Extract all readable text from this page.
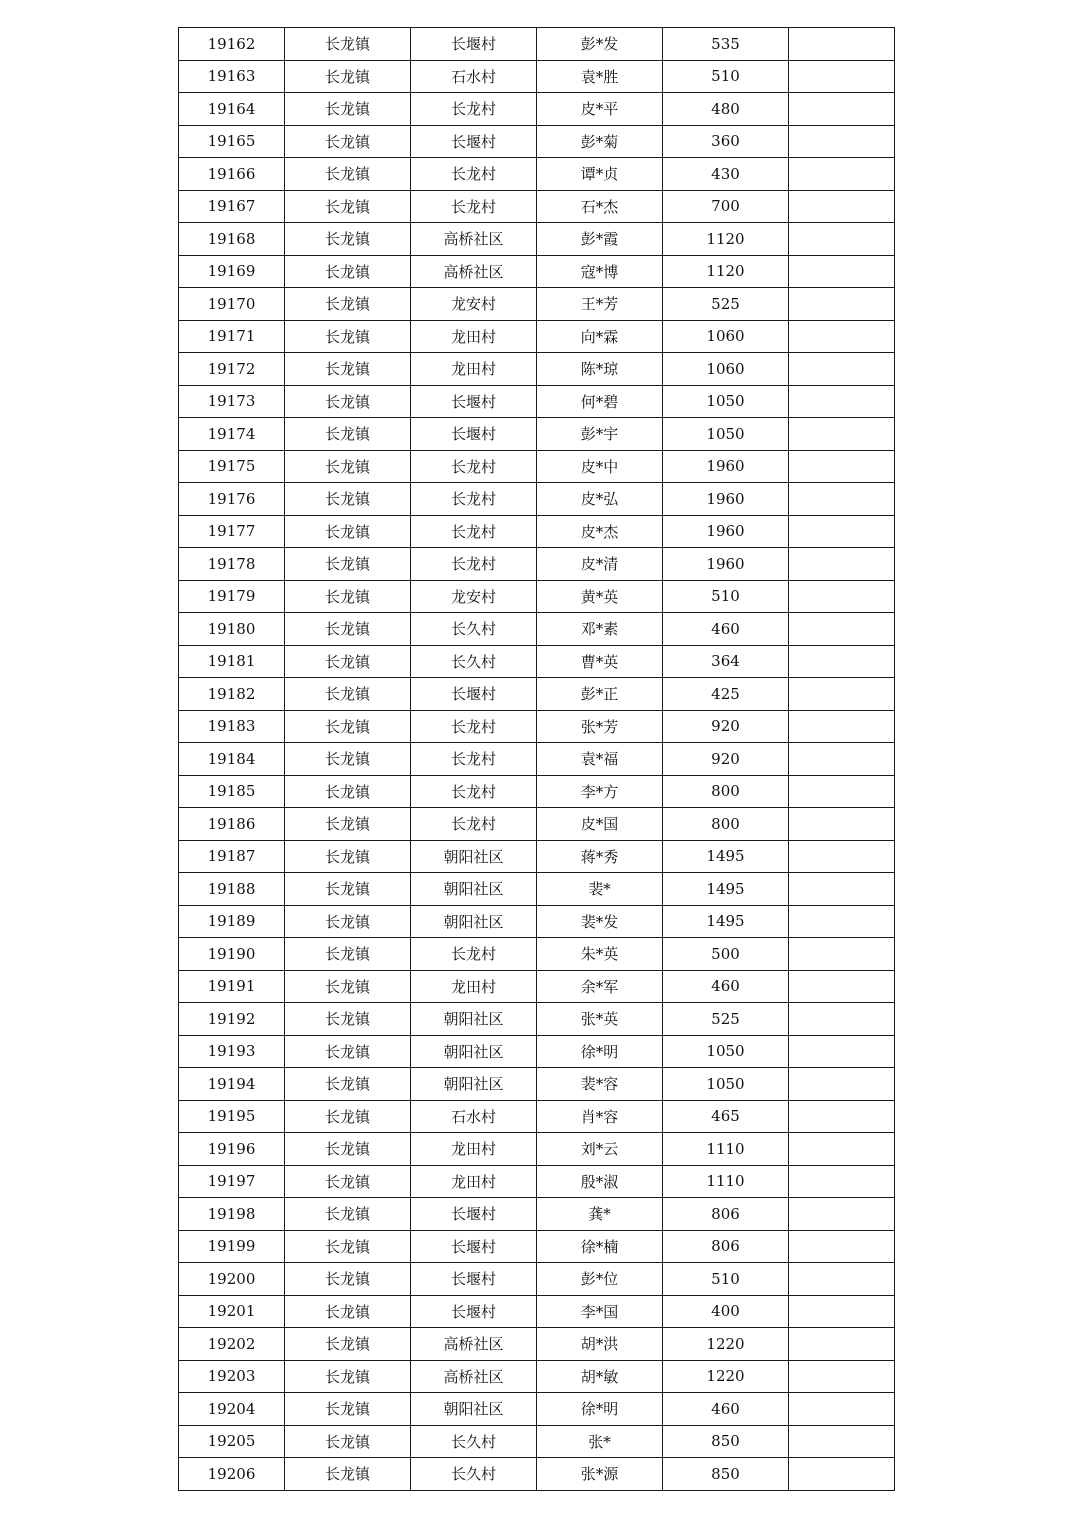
19162	长龙镇	长堰村	彭*发	535	
19163	长龙镇	石水村	袁*胜	510	
19164	长龙镇	长龙村	皮*平	480	
19165	长龙镇	长堰村	彭*菊	360	
19166	长龙镇	长龙村	谭*贞	430	
19167	长龙镇	长龙村	石*杰	700	
19168	长龙镇	高桥社区	彭*霞	1120	
19169	长龙镇	高桥社区	寇*博	1120	
19170	长龙镇	龙安村	王*芳	525	
19171	长龙镇	龙田村	向*霖	1060	
19172	长龙镇	龙田村	陈*琼	1060	
19173	长龙镇	长堰村	何*碧	1050	
19174	长龙镇	长堰村	彭*宇	1050	
19175	长龙镇	长龙村	皮*中	1960	
19176	长龙镇	长龙村	皮*弘	1960	
19177	长龙镇	长龙村	皮*杰	1960	
19178	长龙镇	长龙村	皮*清	1960	
19179	长龙镇	龙安村	黄*英	510	
19180	长龙镇	长久村	邓*素	460	
19181	长龙镇	长久村	曹*英	364	
19182	长龙镇	长堰村	彭*正	425	
19183	长龙镇	长龙村	张*芳	920	
19184	长龙镇	长龙村	袁*福	920	
19185	长龙镇	长龙村	李*方	800	
19186	长龙镇	长龙村	皮*国	800	
19187	长龙镇	朝阳社区	蒋*秀	1495	
19188	长龙镇	朝阳社区	裴*	1495	
19189	长龙镇	朝阳社区	裴*发	1495	
19190	长龙镇	长龙村	朱*英	500	
19191	长龙镇	龙田村	余*军	460	
19192	长龙镇	朝阳社区	张*英	525	
19193	长龙镇	朝阳社区	徐*明	1050	
19194	长龙镇	朝阳社区	裴*容	1050	
19195	长龙镇	石水村	肖*容	465	
19196	长龙镇	龙田村	刘*云	1110	
19197	长龙镇	龙田村	殷*淑	1110	
19198	长龙镇	长堰村	龚*	806	
19199	长龙镇	长堰村	徐*楠	806	
19200	长龙镇	长堰村	彭*位	510	
19201	长龙镇	长堰村	李*国	400	
19202	长龙镇	高桥社区	胡*洪	1220	
19203	长龙镇	高桥社区	胡*敏	1220	
19204	长龙镇	朝阳社区	徐*明	460	
19205	长龙镇	长久村	张*	850	
19206	长龙镇	长久村	张*源	850	
